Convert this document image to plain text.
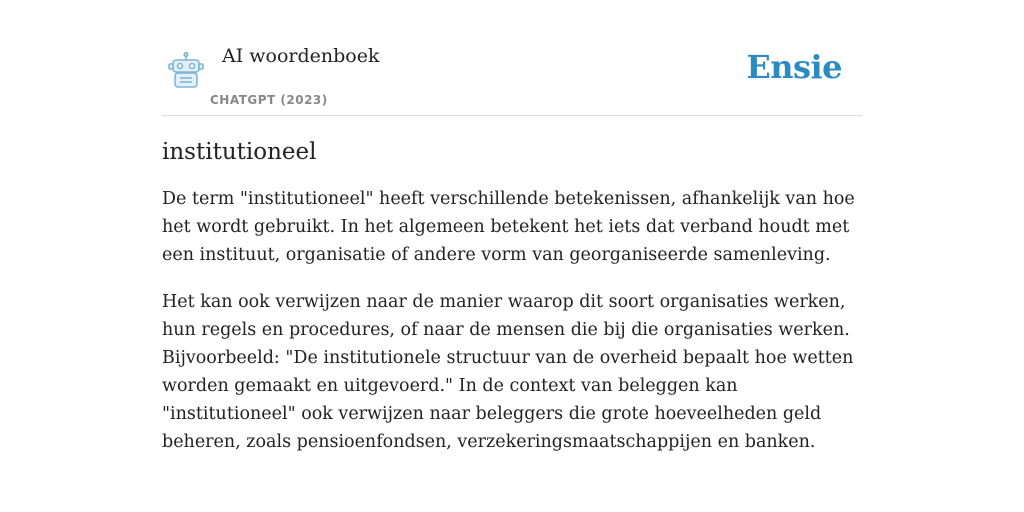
AI woordenboek
CHATGPT (2023)
Ensie
institutioneel

De term "institutioneel" heeft verschillende betekenissen, afhankelijk van hoe het wordt gebruikt. In het algemeen betekent het iets dat verband houdt met een instituut, organisatie of andere vorm van georganiseerde samenleving.

Het kan ook verwijzen naar de manier waarop dit soort organisaties werken, hun regels en procedures, of naar de mensen die bij die organisaties werken. Bijvoorbeeld: "De institutionele structuur van de overheid bepaalt hoe wetten worden gemaakt en uitgevoerd." In de context van beleggen kan "institutioneel" ook verwijzen naar beleggers die grote hoeveelheden geld beheren, zoals pensioenfondsen, verzekeringsmaatschappijen en banken.
